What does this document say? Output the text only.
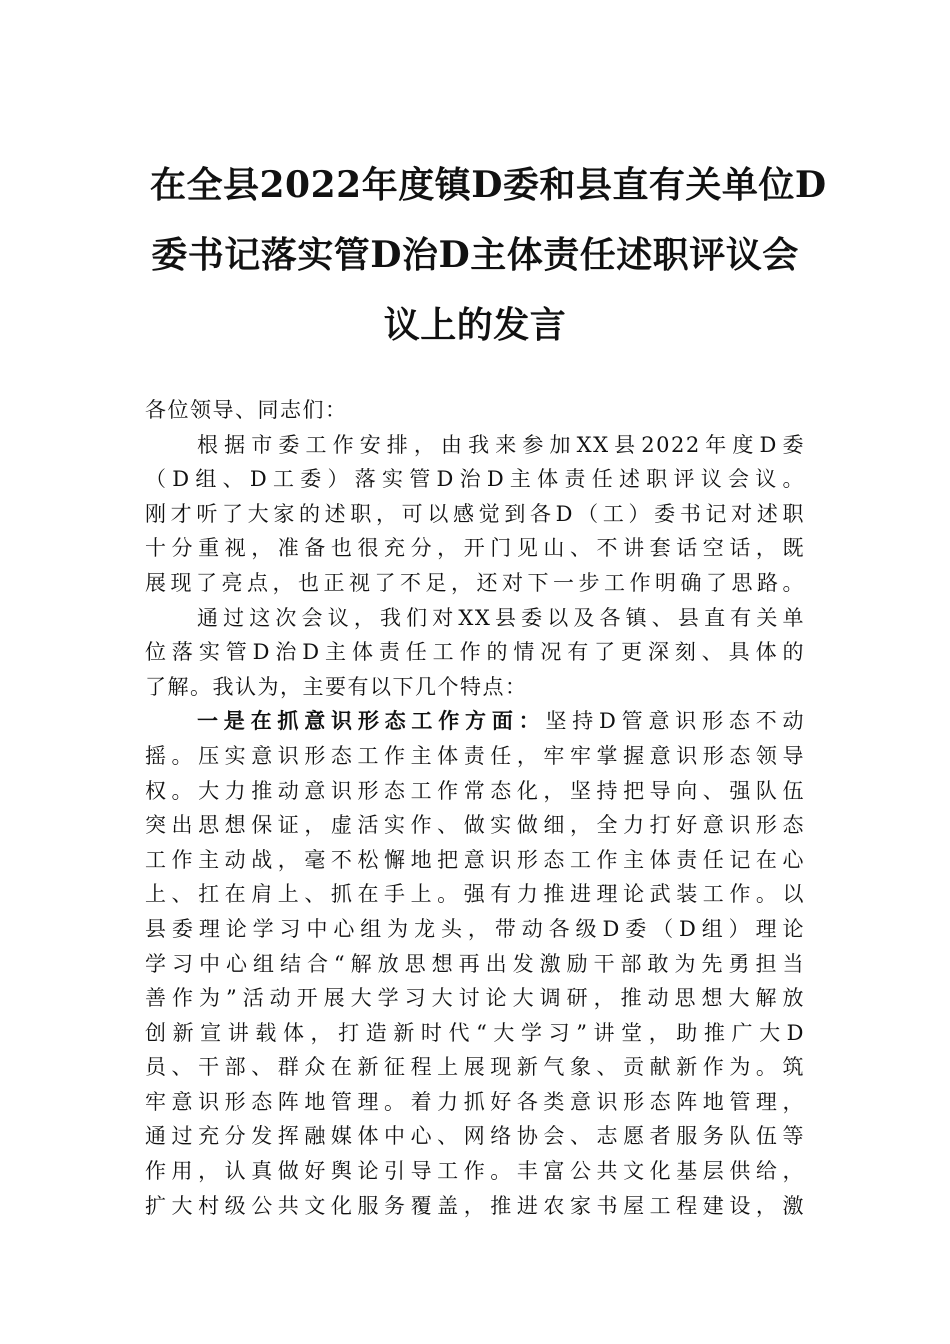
在全县2022年度镇D委和县直有关单位D
委书记落实管D治D主体责任述职评议会
议上的发言
各位领导、同志们：
根据市委工作安排，由我来参加XX县2022年度D委
（D组、D工委）落实管D治D主体责任述职评议会议。
刚才听了大家的述职，可以感觉到各D（工）委书记对述职
十分重视，准备也很充分，开门见山、不讲套话空话，既
展现了亮点，也正视了不足，还对下一步工作明确了思路。
通过这次会议，我们对XX县委以及各镇、县直有关单
位落实管D治D主体责任工作的情况有了更深刻、具体的
了解。我认为，主要有以下几个特点：
一是在抓意识形态工作方面：坚持D管意识形态不动
摇。压实意识形态工作主体责任，牢牢掌握意识形态领导
权。大力推动意识形态工作常态化，坚持把导向、强队伍
突出思想保证，虚活实作、做实做细，全力打好意识形态
工作主动战，毫不松懈地把意识形态工作主体责任记在心
上、扛在肩上、抓在手上。强有力推进理论武装工作。以
县委理论学习中心组为龙头，带动各级D委（D组）理论
学习中心组结合“解放思想再出发激励干部敢为先勇担当
善作为”活动开展大学习大讨论大调研，推动思想大解放
创新宣讲载体，打造新时代“大学习”讲堂，助推广大D
员、干部、群众在新征程上展现新气象、贡献新作为。筑
牢意识形态阵地管理。着力抓好各类意识形态阵地管理，
通过充分发挥融媒体中心、网络协会、志愿者服务队伍等
作用，认真做好舆论引导工作。丰富公共文化基层供给，
扩大村级公共文化服务覆盖，推进农家书屋工程建设，激
